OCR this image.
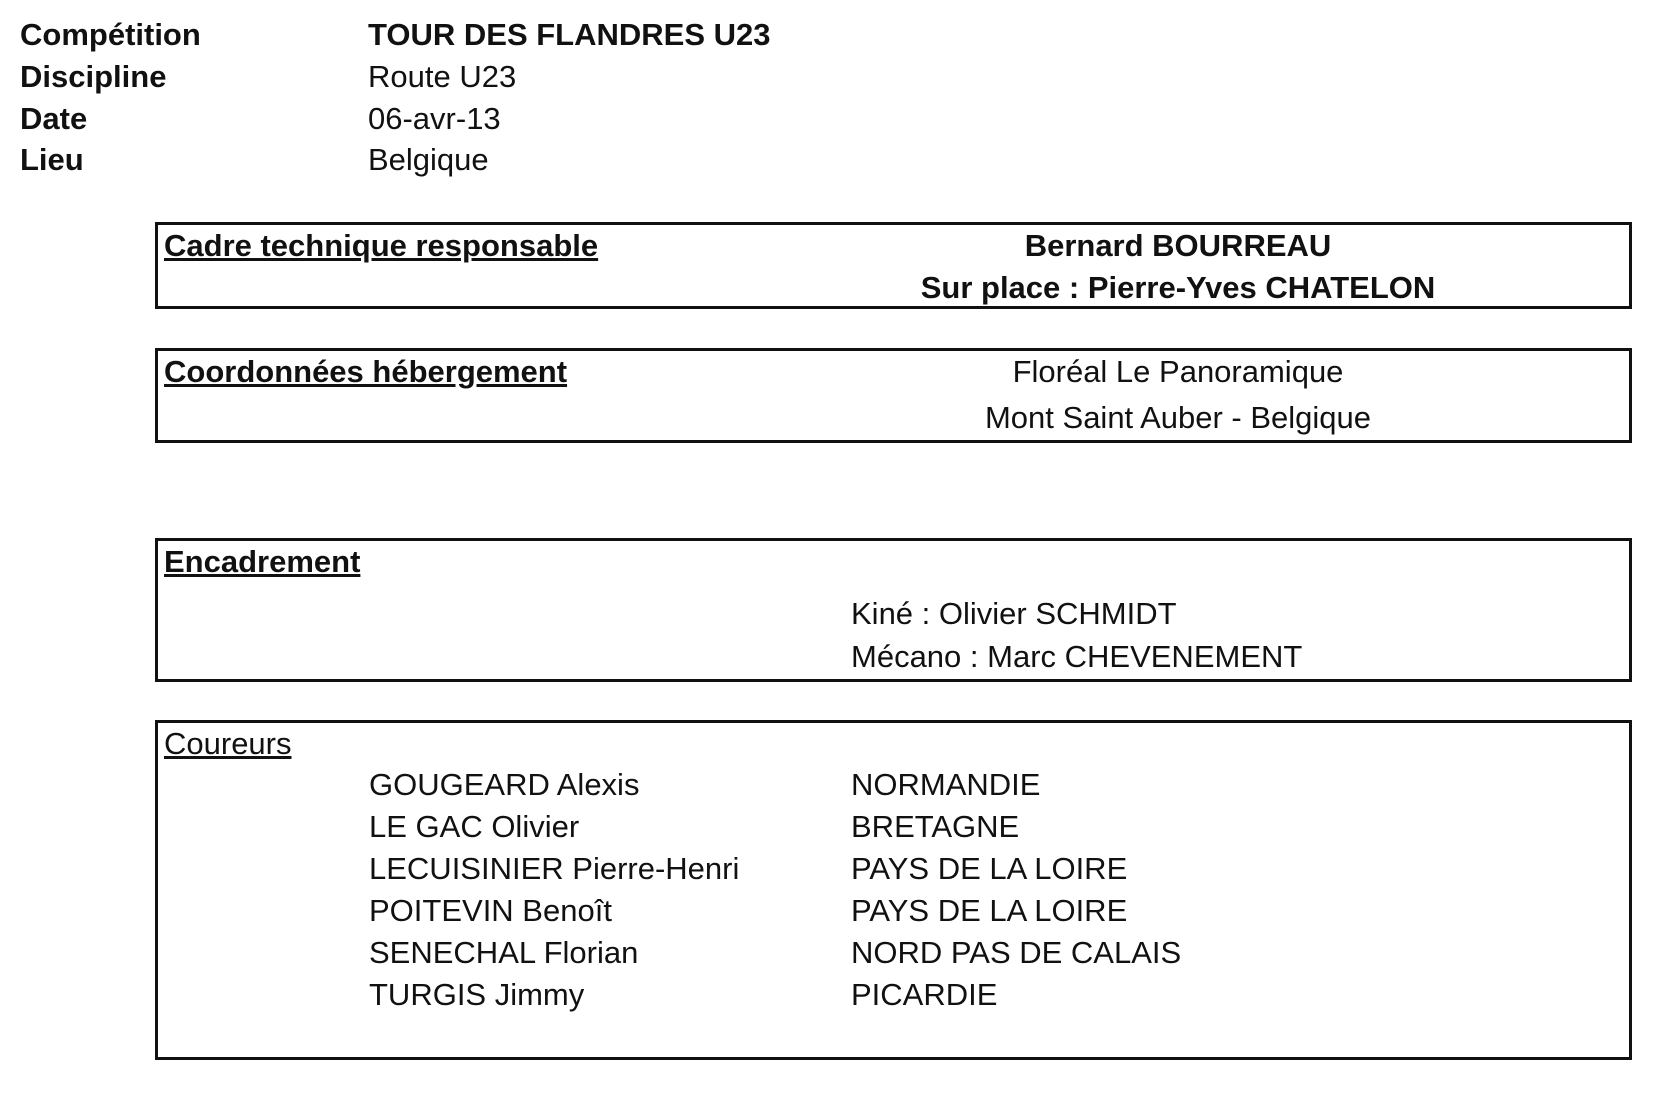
Compétition	TOUR DES FLANDRES U23
Discipline	Route U23
Date	06-avr-13
Lieu	Belgique
Cadre technique responsable	Bernard BOURREAU
Sur place : Pierre-Yves CHATELON
Coordonnées hébergement	Floréal Le Panoramique
Mont Saint Auber - Belgique
Encadrement
Kiné : Olivier SCHMIDT
Mécano : Marc CHEVENEMENT
Coureurs
GOUGEARD Alexis	NORMANDIE
LE GAC Olivier	BRETAGNE
LECUISINIER Pierre-Henri	PAYS DE LA LOIRE
POITEVIN Benoît	PAYS DE LA LOIRE
SENECHAL Florian	NORD PAS DE CALAIS
TURGIS Jimmy	PICARDIE
